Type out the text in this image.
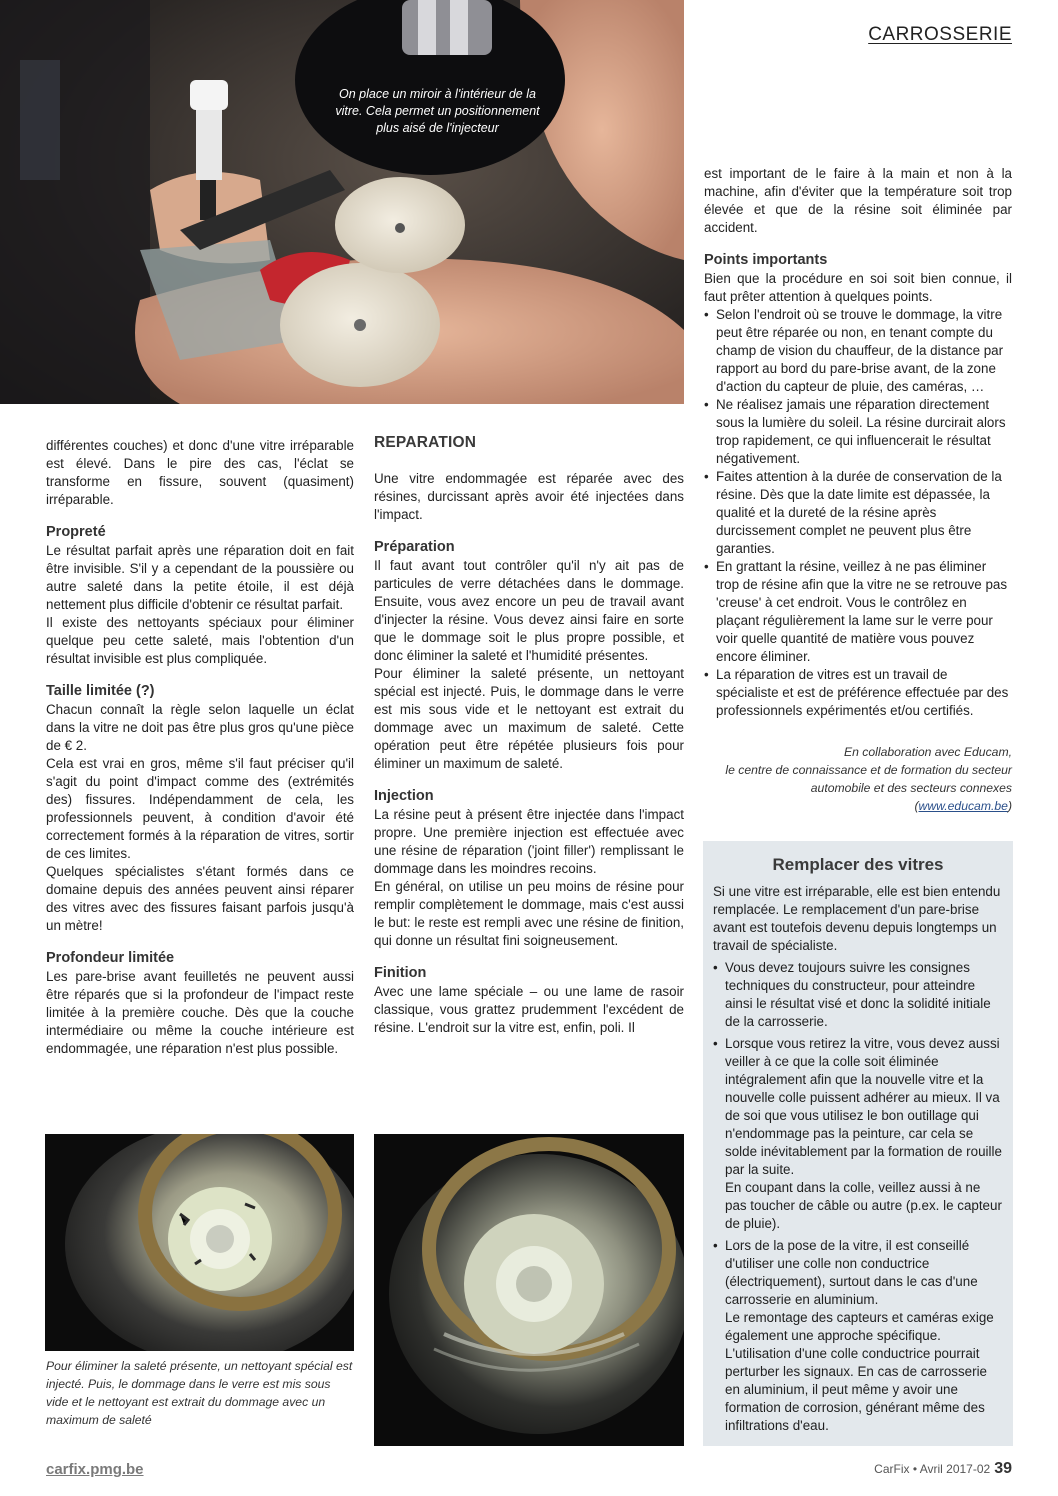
CARROSSERIE
On place un miroir à l'intérieur de la vitre. Cela permet un positionnement plus aisé de l'injecteur

différentes couches) et donc d'une vitre irréparable est élevé. Dans le pire des cas, l'éclat se transforme en fissure, souvent (quasiment) irréparable.

Propreté

Le résultat parfait après une réparation doit en fait être invisible. S'il y a cependant de la poussière ou autre saleté dans la petite étoile, il est déjà nettement plus difficile d'obtenir ce résultat parfait.

Il existe des nettoyants spéciaux pour éliminer quelque peu cette saleté, mais l'obtention d'un résultat invisible est plus compliquée.

Taille limitée (?)

Chacun connaît la règle selon laquelle un éclat dans la vitre ne doit pas être plus gros qu'une pièce de € 2.

Cela est vrai en gros, même s'il faut préciser qu'il s'agit du point d'impact comme des (extrémités des) fissures. Indépendamment de cela, les professionnels peuvent, à condition d'avoir été correctement formés à la réparation de vitres, sortir de ces limites.

Quelques spécialistes s'étant formés dans ce domaine depuis des années peuvent ainsi réparer des vitres avec des fissures faisant parfois jusqu'à un mètre!

Profondeur limitée

Les pare-brise avant feuilletés ne peuvent aussi être réparés que si la profondeur de l'impact reste limitée à la première couche. Dès que la couche intermédiaire ou même la couche intérieure est endommagée, une réparation n'est plus possible.

REPARATION

Une vitre endommagée est réparée avec des résines, durcissant après avoir été injectées dans l'impact.

Préparation

Il faut avant tout contrôler qu'il n'y ait pas de particules de verre détachées dans le dommage. Ensuite, vous avez encore un peu de travail avant d'injecter la résine. Vous devez ainsi faire en sorte que le dommage soit le plus propre possible, et donc éliminer la saleté et l'humidité présentes.

Pour éliminer la saleté présente, un nettoyant spécial est injecté. Puis, le dommage dans le verre est mis sous vide et le nettoyant est extrait du dommage avec un maximum de saleté. Cette opération peut être répétée plusieurs fois pour éliminer un maximum de saleté.

Injection

La résine peut à présent être injectée dans l'impact propre. Une première injection est effectuée avec une résine de réparation ('joint filler') remplissant le dommage dans les moindres recoins.

En général, on utilise un peu moins de résine pour remplir complètement le dommage, mais c'est aussi le but: le reste est rempli avec une résine de finition, qui donne un résultat fini soigneusement.

Finition

Avec une lame spéciale – ou une lame de rasoir classique, vous grattez prudemment l'excédent de résine. L'endroit sur la vitre est, enfin, poli. Il

est important de le faire à la main et non à la machine, afin d'éviter que la température soit trop élevée et que de la résine soit éliminée par accident.

Points importants

Bien que la procédure en soi soit bien connue, il faut prêter attention à quelques points.

• Selon l'endroit où se trouve le dommage, la vitre peut être réparée ou non, en tenant compte du champ de vision du chauffeur, de la distance par rapport au bord du pare-brise avant, de la zone d'action du capteur de pluie, des caméras, …
• Ne réalisez jamais une réparation directement sous la lumière du soleil. La résine durcirait alors trop rapidement, ce qui influencerait le résultat négativement.
• Faites attention à la durée de conservation de la résine. Dès que la date limite est dépassée, la qualité et la dureté de la résine après durcissement complet ne peuvent plus être garanties.
• En grattant la résine, veillez à ne pas éliminer trop de résine afin que la vitre ne se retrouve pas 'creuse' à cet endroit. Vous le contrôlez en plaçant régulièrement la lame sur le verre pour voir quelle quantité de matière vous pouvez encore éliminer.
• La réparation de vitres est un travail de spécialiste et est de préférence effectuée par des professionnels expérimentés et/ou certifiés.
En collaboration avec Educam,
le centre de connaissance et de formation du secteur automobile et des secteurs connexes
(www.educam.be)
Remplacer des vitres

Si une vitre est irréparable, elle est bien entendu remplacée. Le remplacement d'un pare-brise avant est toutefois devenu depuis longtemps un travail de spécialiste.

• Vous devez toujours suivre les consignes techniques du constructeur, pour atteindre ainsi le résultat visé et donc la solidité initiale de la carrosserie.
• Lorsque vous retirez la vitre, vous devez aussi veiller à ce que la colle soit éliminée intégralement afin que la nouvelle vitre et la nouvelle colle puissent adhérer au mieux. Il va de soi que vous utilisez le bon outillage qui n'endommage pas la peinture, car cela se solde inévitablement par la formation de rouille par la suite.
En coupant dans la colle, veillez aussi à ne pas toucher de câble ou autre (p.ex. le capteur de pluie).
• Lors de la pose de la vitre, il est conseillé d'utiliser une colle non conductrice (électriquement), surtout dans le cas d'une carrosserie en aluminium.
Le remontage des capteurs et caméras exige également une approche spécifique. L'utilisation d'une colle conductrice pourrait perturber les signaux. En cas de carrosserie en aluminium, il peut même y avoir une formation de corrosion, générant même des infiltrations d'eau.
Pour éliminer la saleté présente, un nettoyant spécial est injecté. Puis, le dommage dans le verre est mis sous vide et le nettoyant est extrait du dommage avec un maximum de saleté
carfix.pmg.be	CarFix • Avril 2017-02 39
